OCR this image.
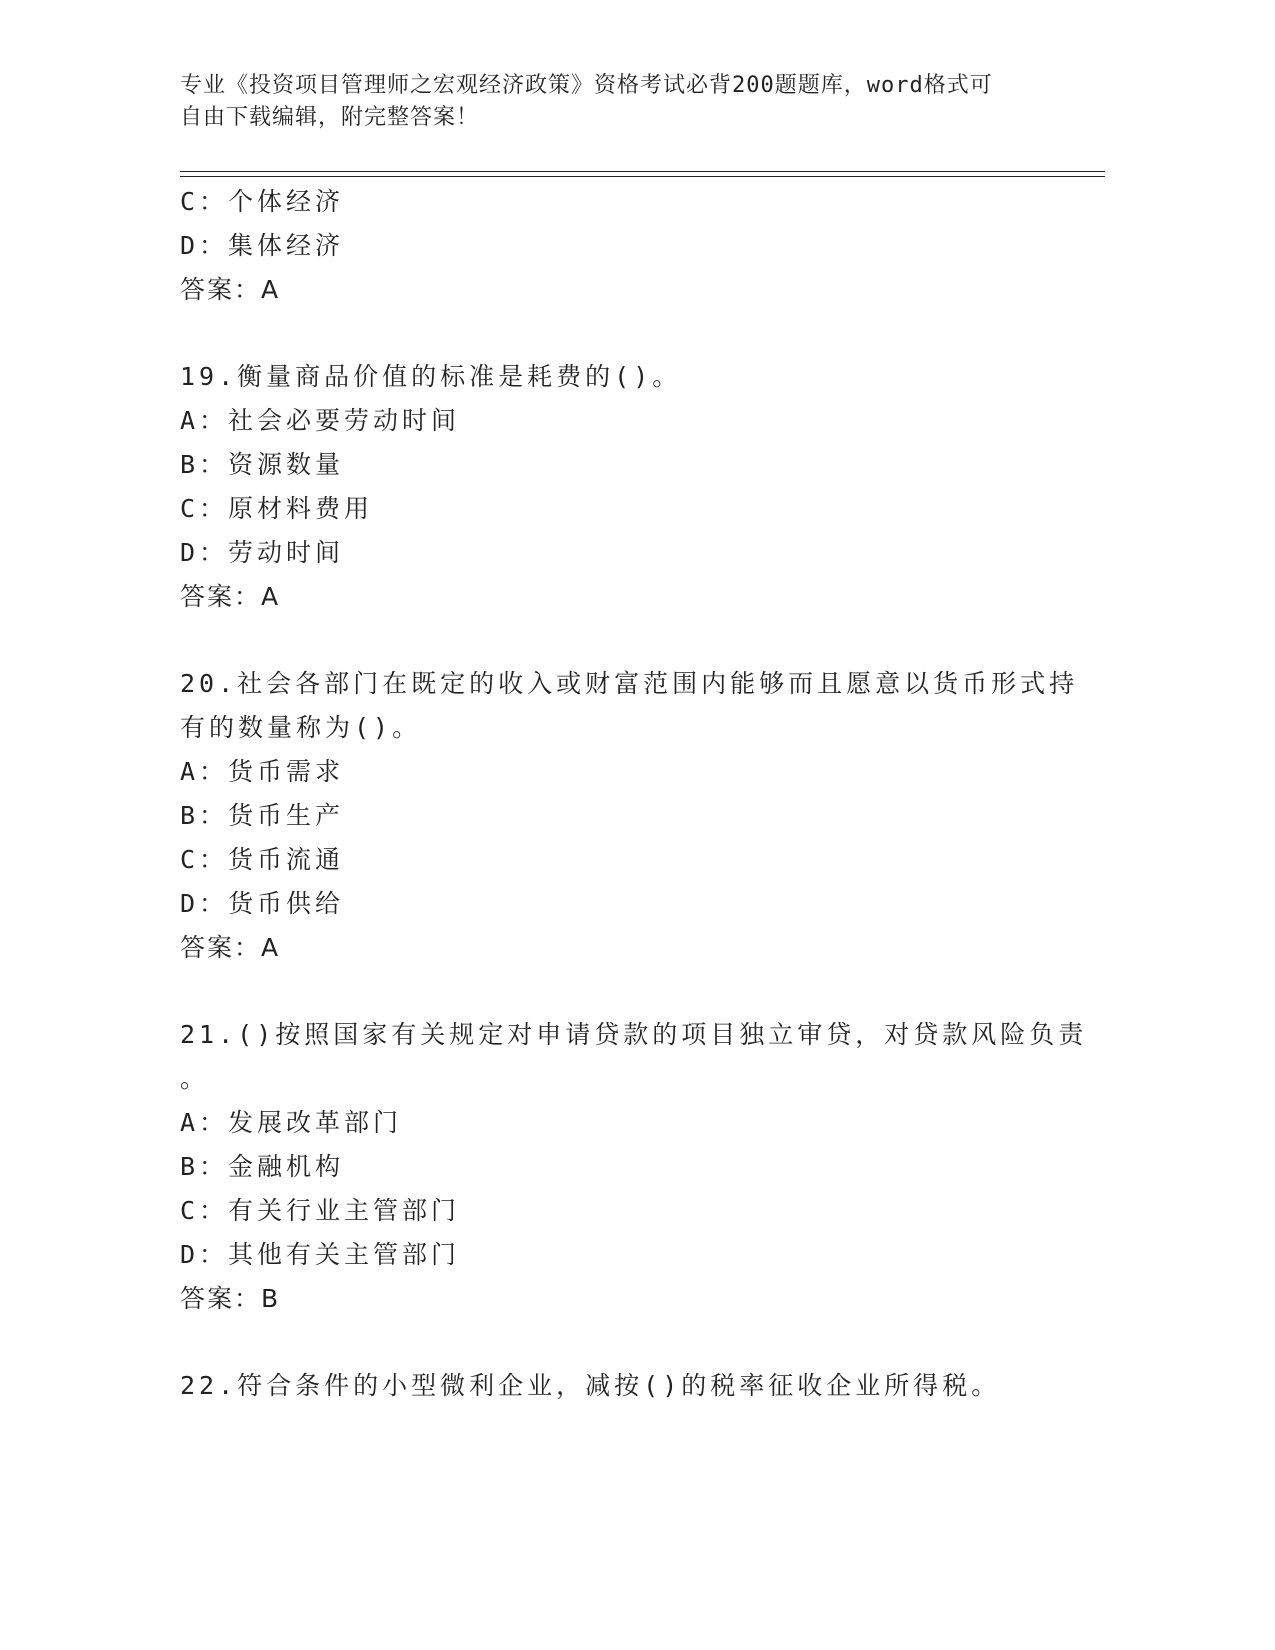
专业《投资项目管理师之宏观经济政策》资格考试必背200题题库，word格式可
自由下载编辑，附完整答案！
C：个体经济
D：集体经济
答案：A
19.衡量商品价值的标准是耗费的()。
A：社会必要劳动时间
B：资源数量
C：原材料费用
D：劳动时间
答案：A
20.社会各部门在既定的收入或财富范围内能够而且愿意以货币形式持
有的数量称为()。
A：货币需求
B：货币生产
C：货币流通
D：货币供给
答案：A
21.()按照国家有关规定对申请贷款的项目独立审贷，对贷款风险负责
。
A：发展改革部门
B：金融机构
C：有关行业主管部门
D：其他有关主管部门
答案：B
22.符合条件的小型微利企业，减按()的税率征收企业所得税。
